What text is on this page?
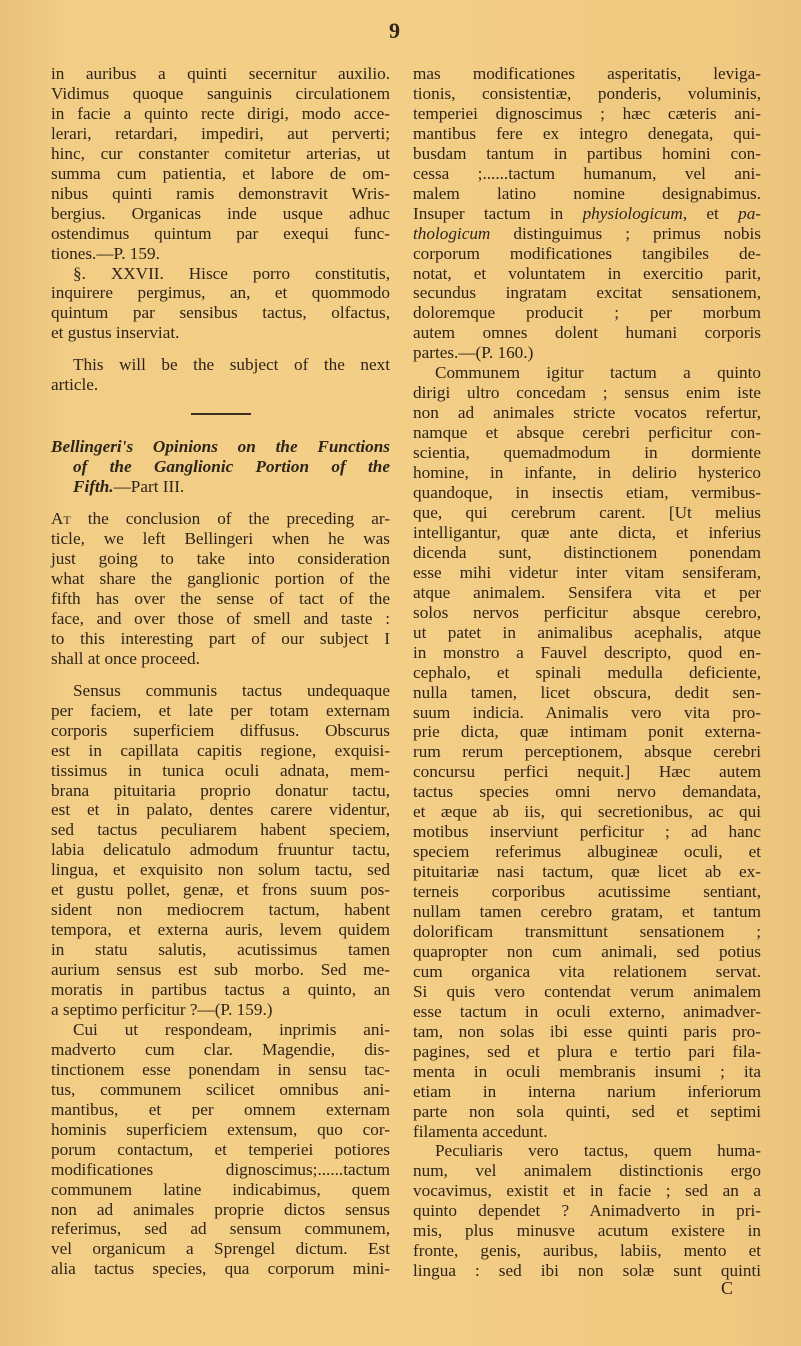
9
in auribus a quinti secernitur auxilio.
Vidimus quoque sanguinis circulationem
in facie a quinto recte dirigi, modo acce-
lerari, retardari, impediri, aut perverti;
hinc, cur constanter comitetur arterias, ut
summa cum patientia, et labore de om-
nibus quinti ramis demonstravit Wris-
bergius. Organicas inde usque adhuc
ostendimus quintum par exequi func-
tiones.—P. 159.
§. XXVII. Hisce porro constitutis,
inquirere pergimus, an, et quommodo
quintum par sensibus tactus, olfactus,
et gustus inserviat.
This will be the subject of the next
article.
Bellingeri's Opinions on the Functions
of the Ganglionic Portion of the
Fifth.—Part III.
At the conclusion of the preceding ar-
ticle, we left Bellingeri when he was
just going to take into consideration
what share the ganglionic portion of the
fifth has over the sense of tact of the
face, and over those of smell and taste :
to this interesting part of our subject I
shall at once proceed.
Sensus communis tactus undequaque
per faciem, et late per totam externam
corporis superficiem diffusus. Obscurus
est in capillata capitis regione, exquisi-
tissimus in tunica oculi adnata, mem-
brana pituitaria proprio donatur tactu,
est et in palato, dentes carere videntur,
sed tactus peculiarem habent speciem,
labia delicatulo admodum fruuntur tactu,
lingua, et exquisito non solum tactu, sed
et gustu pollet, genæ, et frons suum pos-
sident non mediocrem tactum, habent
tempora, et externa auris, levem quidem
in statu salutis, acutissimus tamen
aurium sensus est sub morbo. Sed me-
moratis in partibus tactus a quinto, an
a septimo perficitur ?—(P. 159.)
Cui ut respondeam, inprimis ani-
madverto cum clar. Magendie, dis-
tinctionem esse ponendam in sensu tac-
tus, communem scilicet omnibus ani-
mantibus, et per omnem externam
hominis superficiem extensum, quo cor-
porum contactum, et temperiei potiores
modificationes dignoscimus;......tactum
communem latine indicabimus, quem
non ad animales proprie dictos sensus
referimus, sed ad sensum communem,
vel organicum a Sprengel dictum. Est
alia tactus species, qua corporum mini-
mas modificationes asperitatis, leviga-
tionis, consistentiæ, ponderis, voluminis,
temperiei dignoscimus ; hæc cæteris ani-
mantibus fere ex integro denegata, qui-
busdam tantum in partibus homini con-
cessa ;......tactum humanum, vel ani-
malem latino nomine designabimus.
Insuper tactum in physiologicum, et pa-
thologicum distinguimus ; primus nobis
corporum modificationes tangibiles de-
notat, et voluntatem in exercitio parit,
secundus ingratam excitat sensationem,
doloremque producit ; per morbum
autem omnes dolent humani corporis
partes.—(P. 160.)
Communem igitur tactum a quinto
dirigi ultro concedam ; sensus enim iste
non ad animales stricte vocatos refertur,
namque et absque cerebri perficitur con-
scientia, quemadmodum in dormiente
homine, in infante, in delirio hysterico
quandoque, in insectis etiam, vermibus-
que, qui cerebrum carent. [Ut melius
intelligantur, quæ ante dicta, et inferius
dicenda sunt, distinctionem ponendam
esse mihi videtur inter vitam sensiferam,
atque animalem. Sensifera vita et per
solos nervos perficitur absque cerebro,
ut patet in animalibus acephalis, atque
in monstro a Fauvel descripto, quod en-
cephalo, et spinali medulla deficiente,
nulla tamen, licet obscura, dedit sen-
suum indicia. Animalis vero vita pro-
prie dicta, quæ intimam ponit externa-
rum rerum perceptionem, absque cerebri
concursu perfici nequit.] Hæc autem
tactus species omni nervo demandata,
et æque ab iis, qui secretionibus, ac qui
motibus inserviunt perficitur ; ad hanc
speciem referimus albugineæ oculi, et
pituitariæ nasi tactum, quæ licet ab ex-
terneis corporibus acutissime sentiant,
nullam tamen cerebro gratam, et tantum
dolorificam transmittunt sensationem ;
quapropter non cum animali, sed potius
cum organica vita relationem servat.
Si quis vero contendat verum animalem
esse tactum in oculi externo, animadver-
tam, non solas ibi esse quinti paris pro-
pagines, sed et plura e tertio pari fila-
menta in oculi membranis insumi ; ita
etiam in interna narium inferiorum
parte non sola quinti, sed et septimi
filamenta accedunt.
Peculiaris vero tactus, quem huma-
num, vel animalem distinctionis ergo
vocavimus, existit et in facie ; sed an a
quinto dependet ? Animadverto in pri-
mis, plus minusve acutum existere in
fronte, genis, auribus, labiis, mento et
lingua : sed ibi non solæ sunt quinti
C
